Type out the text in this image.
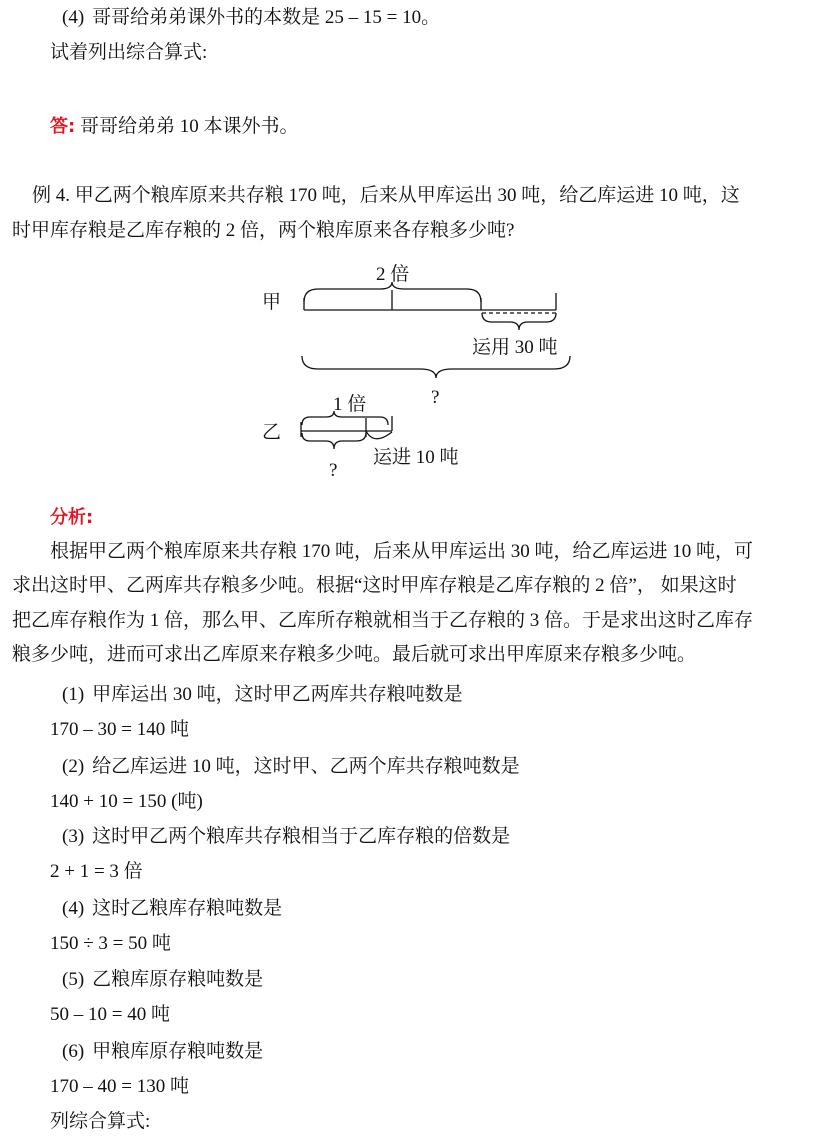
(4) 哥哥给弟弟课外书的本数是 25 – 15 = 10。
试着列出综合算式:
答: 哥哥给弟弟 10 本课外书。
例 4. 甲乙两个粮库原来共存粮 170 吨，后来从甲库运出 30 吨，给乙库运进 10 吨，这
时甲库存粮是乙库存粮的 2 倍，两个粮库原来各存粮多少吨?
甲
乙
2 倍
1 倍
运用 30 吨
运进 10 吨
?
?
分析:
根据甲乙两个粮库原来共存粮 170 吨，后来从甲库运出 30 吨，给乙库运进 10 吨，可
求出这时甲、乙两库共存粮多少吨。根据“这时甲库存粮是乙库存粮的 2 倍”， 如果这时
把乙库存粮作为 1 倍，那么甲、乙库所存粮就相当于乙存粮的 3 倍。于是求出这时乙库存
粮多少吨，进而可求出乙库原来存粮多少吨。最后就可求出甲库原来存粮多少吨。
(1) 甲库运出 30 吨，这时甲乙两库共存粮吨数是
170 – 30 = 140 吨
(2) 给乙库运进 10 吨，这时甲、乙两个库共存粮吨数是
140 + 10 = 150 (吨)
(3) 这时甲乙两个粮库共存粮相当于乙库存粮的倍数是
2 + 1 = 3 倍
(4) 这时乙粮库存粮吨数是
150 ÷ 3 = 50 吨
(5) 乙粮库原存粮吨数是
50 – 10 = 40 吨
(6) 甲粮库原存粮吨数是
170 – 40 = 130 吨
列综合算式:
